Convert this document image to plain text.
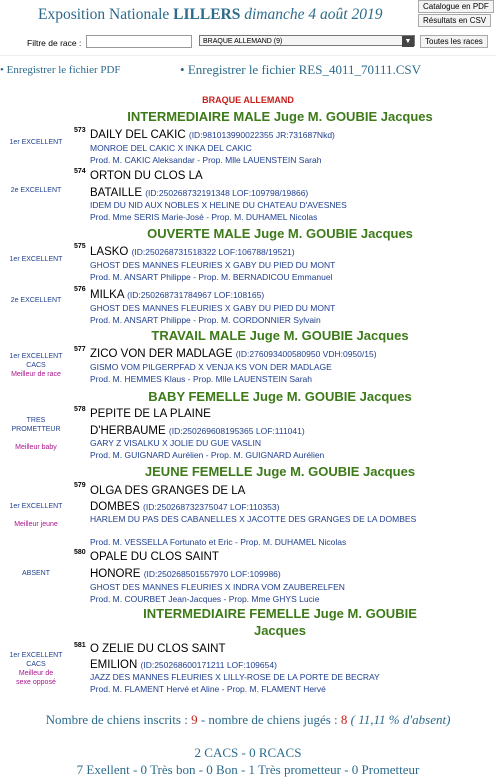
Exposition Nationale LILLERS dimanche 4 août 2019	Catalogue en PDF
Résultats en CSV
Filtre de race :	BRAQUE ALLEMAND (9)	▼	Toutes les races
• Enregistrer le fichier PDF	• Enregistrer le fichier RES_4011_70111.CSV
BRAQUE ALLEMAND
INTERMEDIAIRE MALE Juge M. GOUBIE Jacques
OUVERTE MALE Juge M. GOUBIE Jacques
TRAVAIL MALE Juge M. GOUBIE Jacques
BABY FEMELLE Juge M. GOUBIE Jacques
JEUNE FEMELLE Juge M. GOUBIE Jacques
INTERMEDIAIRE FEMELLE Juge M. GOUBIE Jacques
1er EXCELLENT
573 DAILY DEL CAKIC (ID:981013990022355 JR:731687Nkd)
MONROE DEL CAKIC X INKA DEL CAKIC
Prod. M. CAKIC Aleksandar - Prop. Mlle LAUENSTEIN Sarah
2e EXCELLENT
574 ORTON DU CLOS LA
BATAILLE (ID:250268732191348 LOF:109798/19866)
IDEM DU NID AUX NOBLES X HELINE DU CHATEAU D'AVESNES
Prod. Mme SERIS Marie-José - Prop. M. DUHAMEL Nicolas
1er EXCELLENT
575 LASKO (ID:250268731518322 LOF:106788/19521)
GHOST DES MANNES FLEURIES X GABY DU PIED DU MONT
Prod. M. ANSART Philippe - Prop. M. BERNADICOU Emmanuel
2e EXCELLENT
576 MILKA (ID:250268731784967 LOF:108165)
GHOST DES MANNES FLEURIES X GABY DU PIED DU MONT
Prod. M. ANSART Philippe - Prop. M. CORDONNIER Sylvain
1er EXCELLENT
CACS
Meilleur de race
577 ZICO VON DER MADLAGE (ID:276093400580950 VDH:0950/15)
GISMO VOM PILGERPFAD X VENJA KS VON DER MADLAGE
Prod. M. HEMMES Klaus - Prop. Mlle LAUENSTEIN Sarah
TRES
PROMETTEUR
Meilleur baby
578 PEPITE DE LA PLAINE
D'HERBAUME (ID:250269608195365 LOF:111041)
GARY Z VISALKU X JOLIE DU GUE VASLIN
Prod. M. GUIGNARD Aurélien - Prop. M. GUIGNARD Aurélien
1er EXCELLENT
Meilleur jeune
579 OLGA DES GRANGES DE LA
DOMBES (ID:250268732375047 LOF:110353)
HARLEM DU PAS DES CABANELLES X JACOTTE DES GRANGES DE LA DOMBES
Prod. M. VESSELLA Fortunato et Eric - Prop. M. DUHAMEL Nicolas
ABSENT
580 OPALE DU CLOS SAINT
HONORE (ID:250268501557970 LOF:109986)
GHOST DES MANNES FLEURIES X INDRA VOM ZAUBERELFEN
Prod. M. COURBET Jean-Jacques - Prop. Mme GHYS Lucie
1er EXCELLENT
CACS
Meilleur de sexe opposé
581 O ZELIE DU CLOS SAINT
EMILION (ID:250268600171211 LOF:109654)
JAZZ DES MANNES FLEURIES X LILLY-ROSE DE LA PORTE DE BECRAY
Prod. M. FLAMENT Hervé et Aline - Prop. M. FLAMENT Hervé
Nombre de chiens inscrits : 9 - nombre de chiens jugés : 8 ( 11,11 % d'absent)
2 CACS - 0 RCACS
7 Exellent - 0 Très bon - 0 Bon - 1 Très prometteur - 0 Prometteur
